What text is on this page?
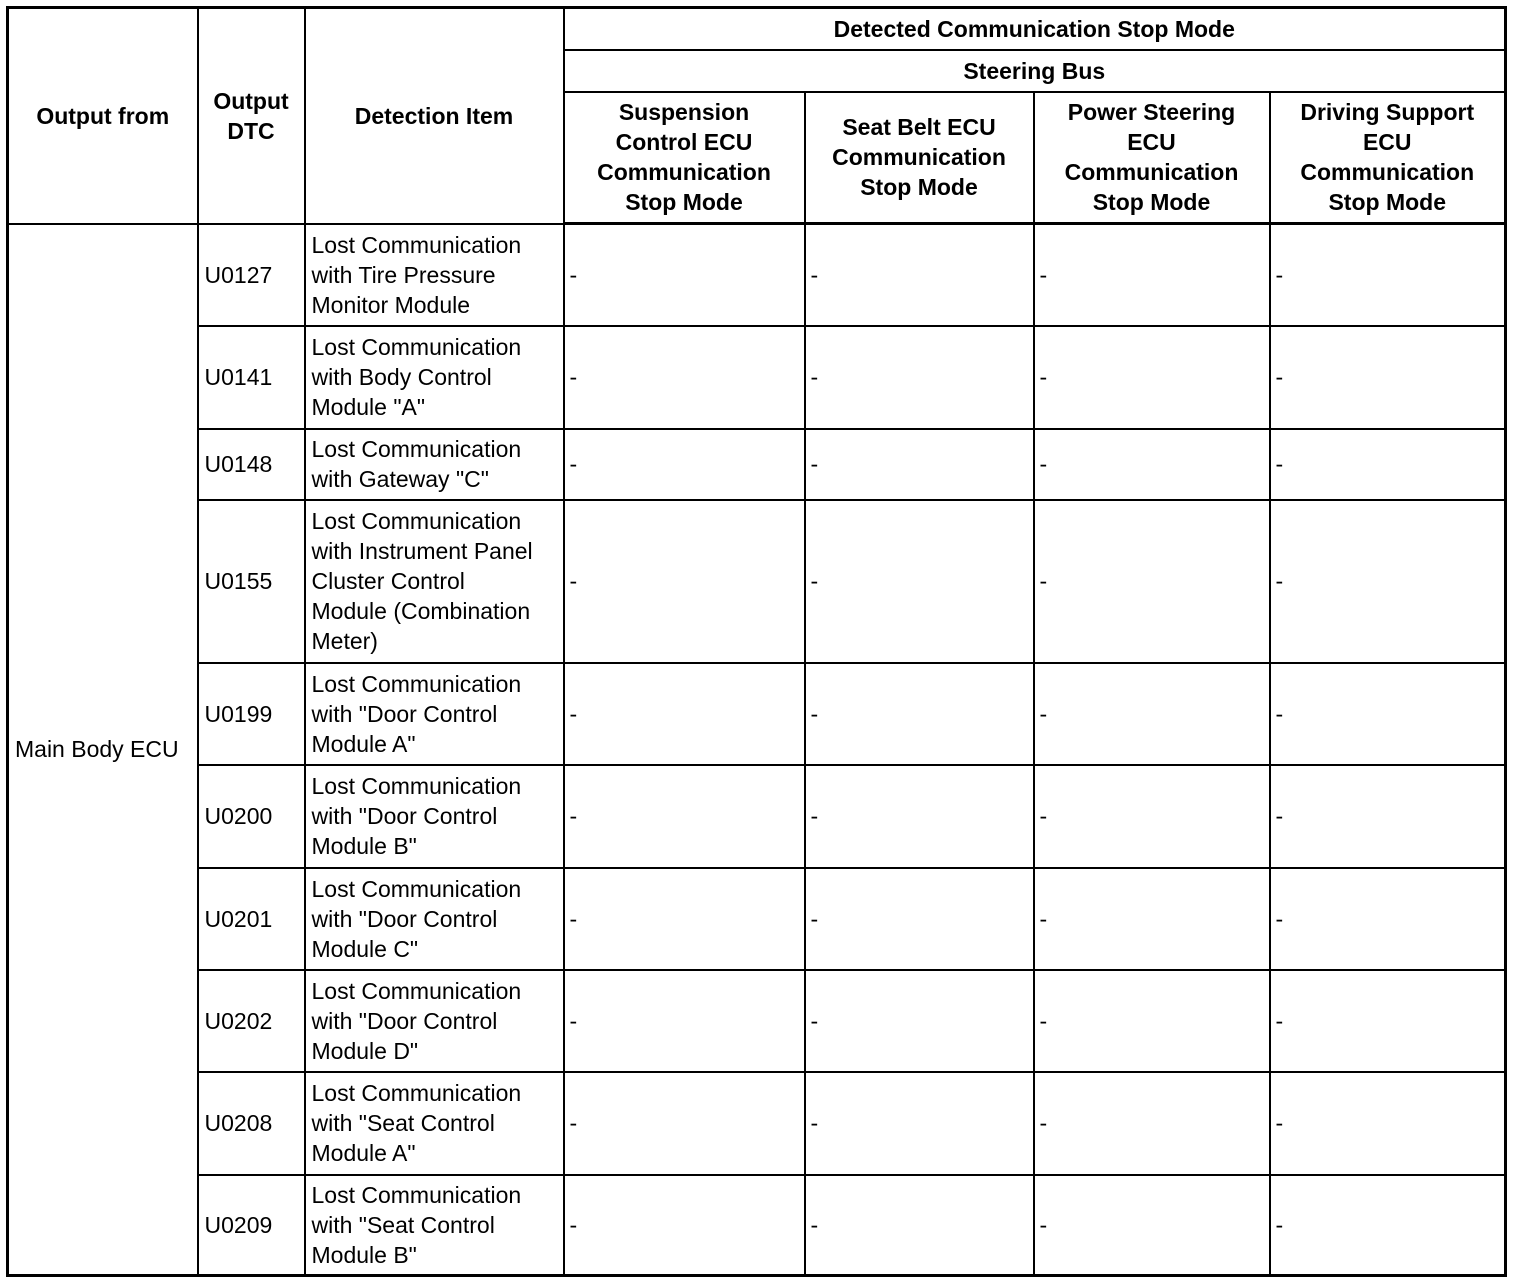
Output from	Output
DTC	Detection Item	Detected Communication Stop Mode			
			Steering Bus			
			Suspension
Control ECU
Communication
Stop Mode	Seat Belt ECU
Communication
Stop Mode	Power Steering
ECU
Communication
Stop Mode	Driving Support
ECU
Communication
Stop Mode
Main Body ECU	U0127	Lost Communication
with Tire Pressure
Monitor Module	-	-	-	-
	U0141	Lost Communication
with Body Control
Module "A"	-	-	-	-
	U0148	Lost Communication
with Gateway "C"	-	-	-	-
	U0155	Lost Communication
with Instrument Panel
Cluster Control
Module (Combination
Meter)	-	-	-	-
	U0199	Lost Communication
with "Door Control
Module A"	-	-	-	-
	U0200	Lost Communication
with "Door Control
Module B"	-	-	-	-
	U0201	Lost Communication
with "Door Control
Module C"	-	-	-	-
	U0202	Lost Communication
with "Door Control
Module D"	-	-	-	-
	U0208	Lost Communication
with "Seat Control
Module A"	-	-	-	-
	U0209	Lost Communication
with "Seat Control
Module B"	-	-	-	-
